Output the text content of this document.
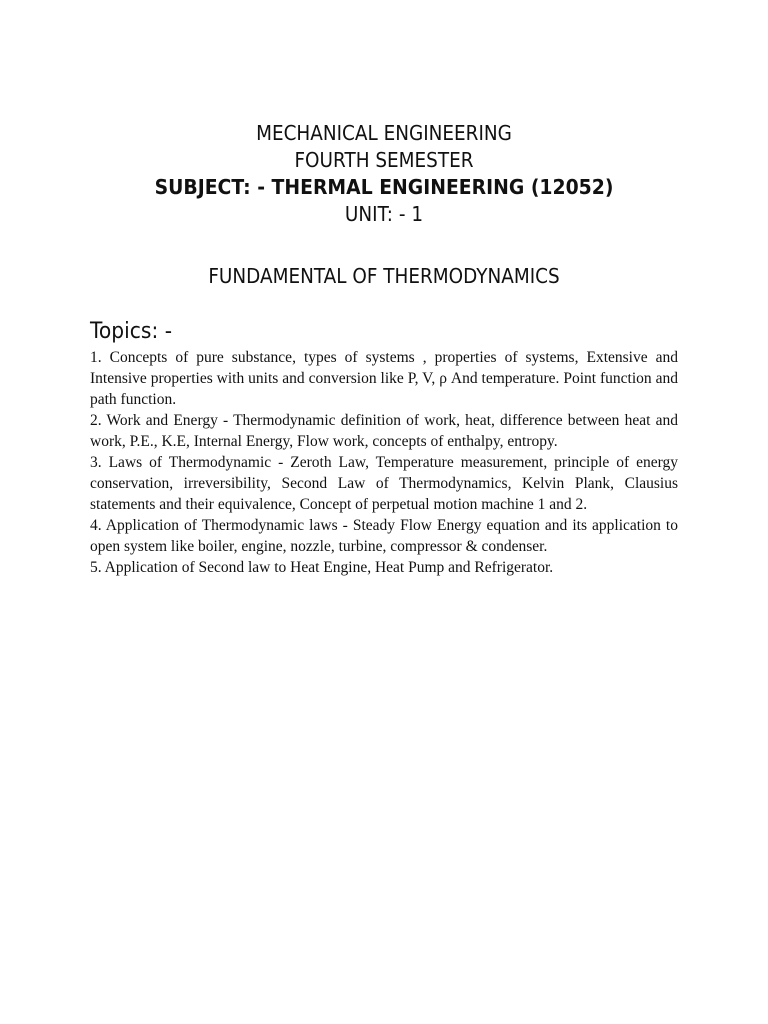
MECHANICAL ENGINEERING
FOURTH SEMESTER
SUBJECT: - THERMAL ENGINEERING (12052)
UNIT: - 1
FUNDAMENTAL OF THERMODYNAMICS
Topics: -
1. Concepts of pure substance, types of systems , properties of systems, Extensive and Intensive properties with units and conversion like P, V, ρ And temperature. Point function and path function.
2. Work and Energy - Thermodynamic definition of work, heat, difference between heat and work, P.E., K.E, Internal Energy, Flow work, concepts of enthalpy, entropy.
3. Laws of Thermodynamic - Zeroth Law, Temperature measurement, principle of energy conservation, irreversibility, Second Law of Thermodynamics, Kelvin Plank, Clausius statements and their equivalence, Concept of perpetual motion machine 1 and 2.
4. Application of Thermodynamic laws - Steady Flow Energy equation and its application to open system like boiler, engine, nozzle, turbine, compressor & condenser.
5. Application of Second law to Heat Engine, Heat Pump and Refrigerator.
